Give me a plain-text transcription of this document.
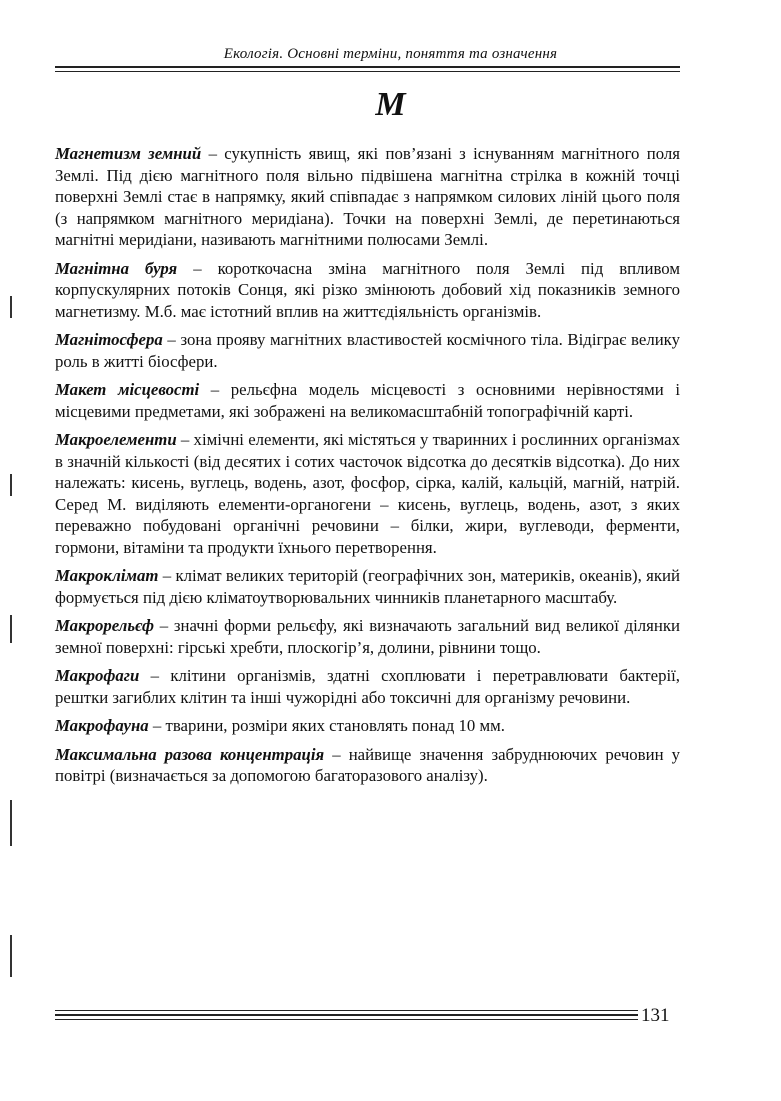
Екологія. Основні терміни, поняття та означення
М

Магнетизм земний – сукупність явищ, які пов’язані з існуванням магнітного поля Землі. Під дією магнітного поля вільно підвішена магнітна стрілка в кожній точці поверхні Землі стає в напрямку, який співпадає з напрямком силових ліній цього поля (з напрямком магнітного меридіана). Точки на поверхні Землі, де перетинаються магнітні меридіани, називають магнітними полюсами Землі.

Магнітна буря – короткочасна зміна магнітного поля Землі під впливом корпускулярних потоків Сонця, які різко змінюють добовий хід показників земного магнетизму. М.б. має істотний вплив на життєдіяльність організмів.

Магнітосфера – зона прояву магнітних властивостей космічного тіла. Відіграє велику роль в житті біосфери.

Макет місцевості – рельєфна модель місцевості з основними нерівностями і місцевими предметами, які зображені на великомасштабній топографічній карті.

Макроелементи – хімічні елементи, які містяться у тваринних і рослинних організмах в значній кількості (від десятих і сотих часточок відсотка до десятків відсотка). До них належать: кисень, вуглець, водень, азот, фосфор, сірка, калій, кальцій, магній, натрій. Серед М. виділяють елементи-органогени – кисень, вуглець, водень, азот, з яких переважно побудовані органічні речовини – білки, жири, вуглеводи, ферменти, гормони, вітаміни та продукти їхнього перетворення.

Макроклімат – клімат великих територій (географічних зон, материків, океанів), який формується під дією кліматоутворювальних чинників планетарного масштабу.

Макрорельєф – значні форми рельєфу, які визначають загальний вид великої ділянки земної поверхні: гірські хребти, плоскогір’я, долини, рівнини тощо.

Макрофаги – клітини організмів, здатні схоплювати і перетравлювати бактерії, рештки загиблих клітин та інші чужорідні або токсичні для організму речовини.

Макрофауна – тварини, розміри яких становлять понад 10 мм.

Максимальна разова концентрація – найвище значення забруднюючих речовин у повітрі (визначається за допомогою багаторазового аналізу).

131
